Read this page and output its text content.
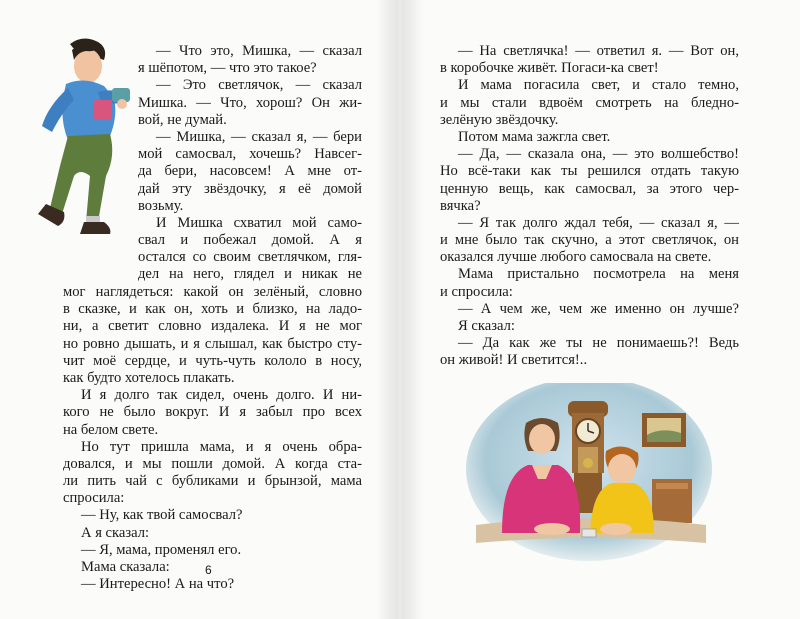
— Что это, Мишка, — сказал
я шёпотом, — что это такое?
— Это светлячок, — сказал
Мишка. — Что, хорош? Он жи-
вой, не думай.
— Мишка, — сказал я, — бери
мой самосвал, хочешь? Навсег-
да бери, насовсем! А мне от-
дай эту звёздочку, я её домой
возьму.
И Мишка схватил мой само-
свал и побежал домой. А я
остался со своим светлячком, гля-
дел на него, глядел и никак не
мог наглядеться: какой он зелёный, словно
в сказке, и как он, хоть и близко, на ладо-
ни, а светит словно издалека. И я не мог
но ровно дышать, и я слышал, как быстро сту-
чит моё сердце, и чуть-чуть кололо в носу,
как будто хотелось плакать.
И я долго так сидел, очень долго. И ни-
кого не было вокруг. И я забыл про всех
на белом свете.
Но тут пришла мама, и я очень обра-
довался, и мы пошли домой. А когда ста-
ли пить чай с бубликами и брынзой, мама
спросила:
— Ну, как твой самосвал?
А я сказал:
— Я, мама, променял его.
Мама сказала:
— Интересно! А на что?
6
— На светлячка! — ответил я. — Вот он,
в коробочке живёт. Погаси-ка свет!
И мама погасила свет, и стало темно,
и мы стали вдвоём смотреть на бледно-
зелёную звёздочку.
Потом мама зажгла свет.
— Да, — сказала она, — это волшебство!
Но всё-таки как ты решился отдать такую
ценную вещь, как самосвал, за этого чер-
вячка?
— Я так долго ждал тебя, — сказал я, —
и мне было так скучно, а этот светлячок, он
оказался лучше любого самосвала на свете.
Мама пристально посмотрела на меня
и спросила:
— А чем же, чем же именно он лучше?
Я сказал:
— Да как же ты не понимаешь?! Ведь
он живой! И светится!..
